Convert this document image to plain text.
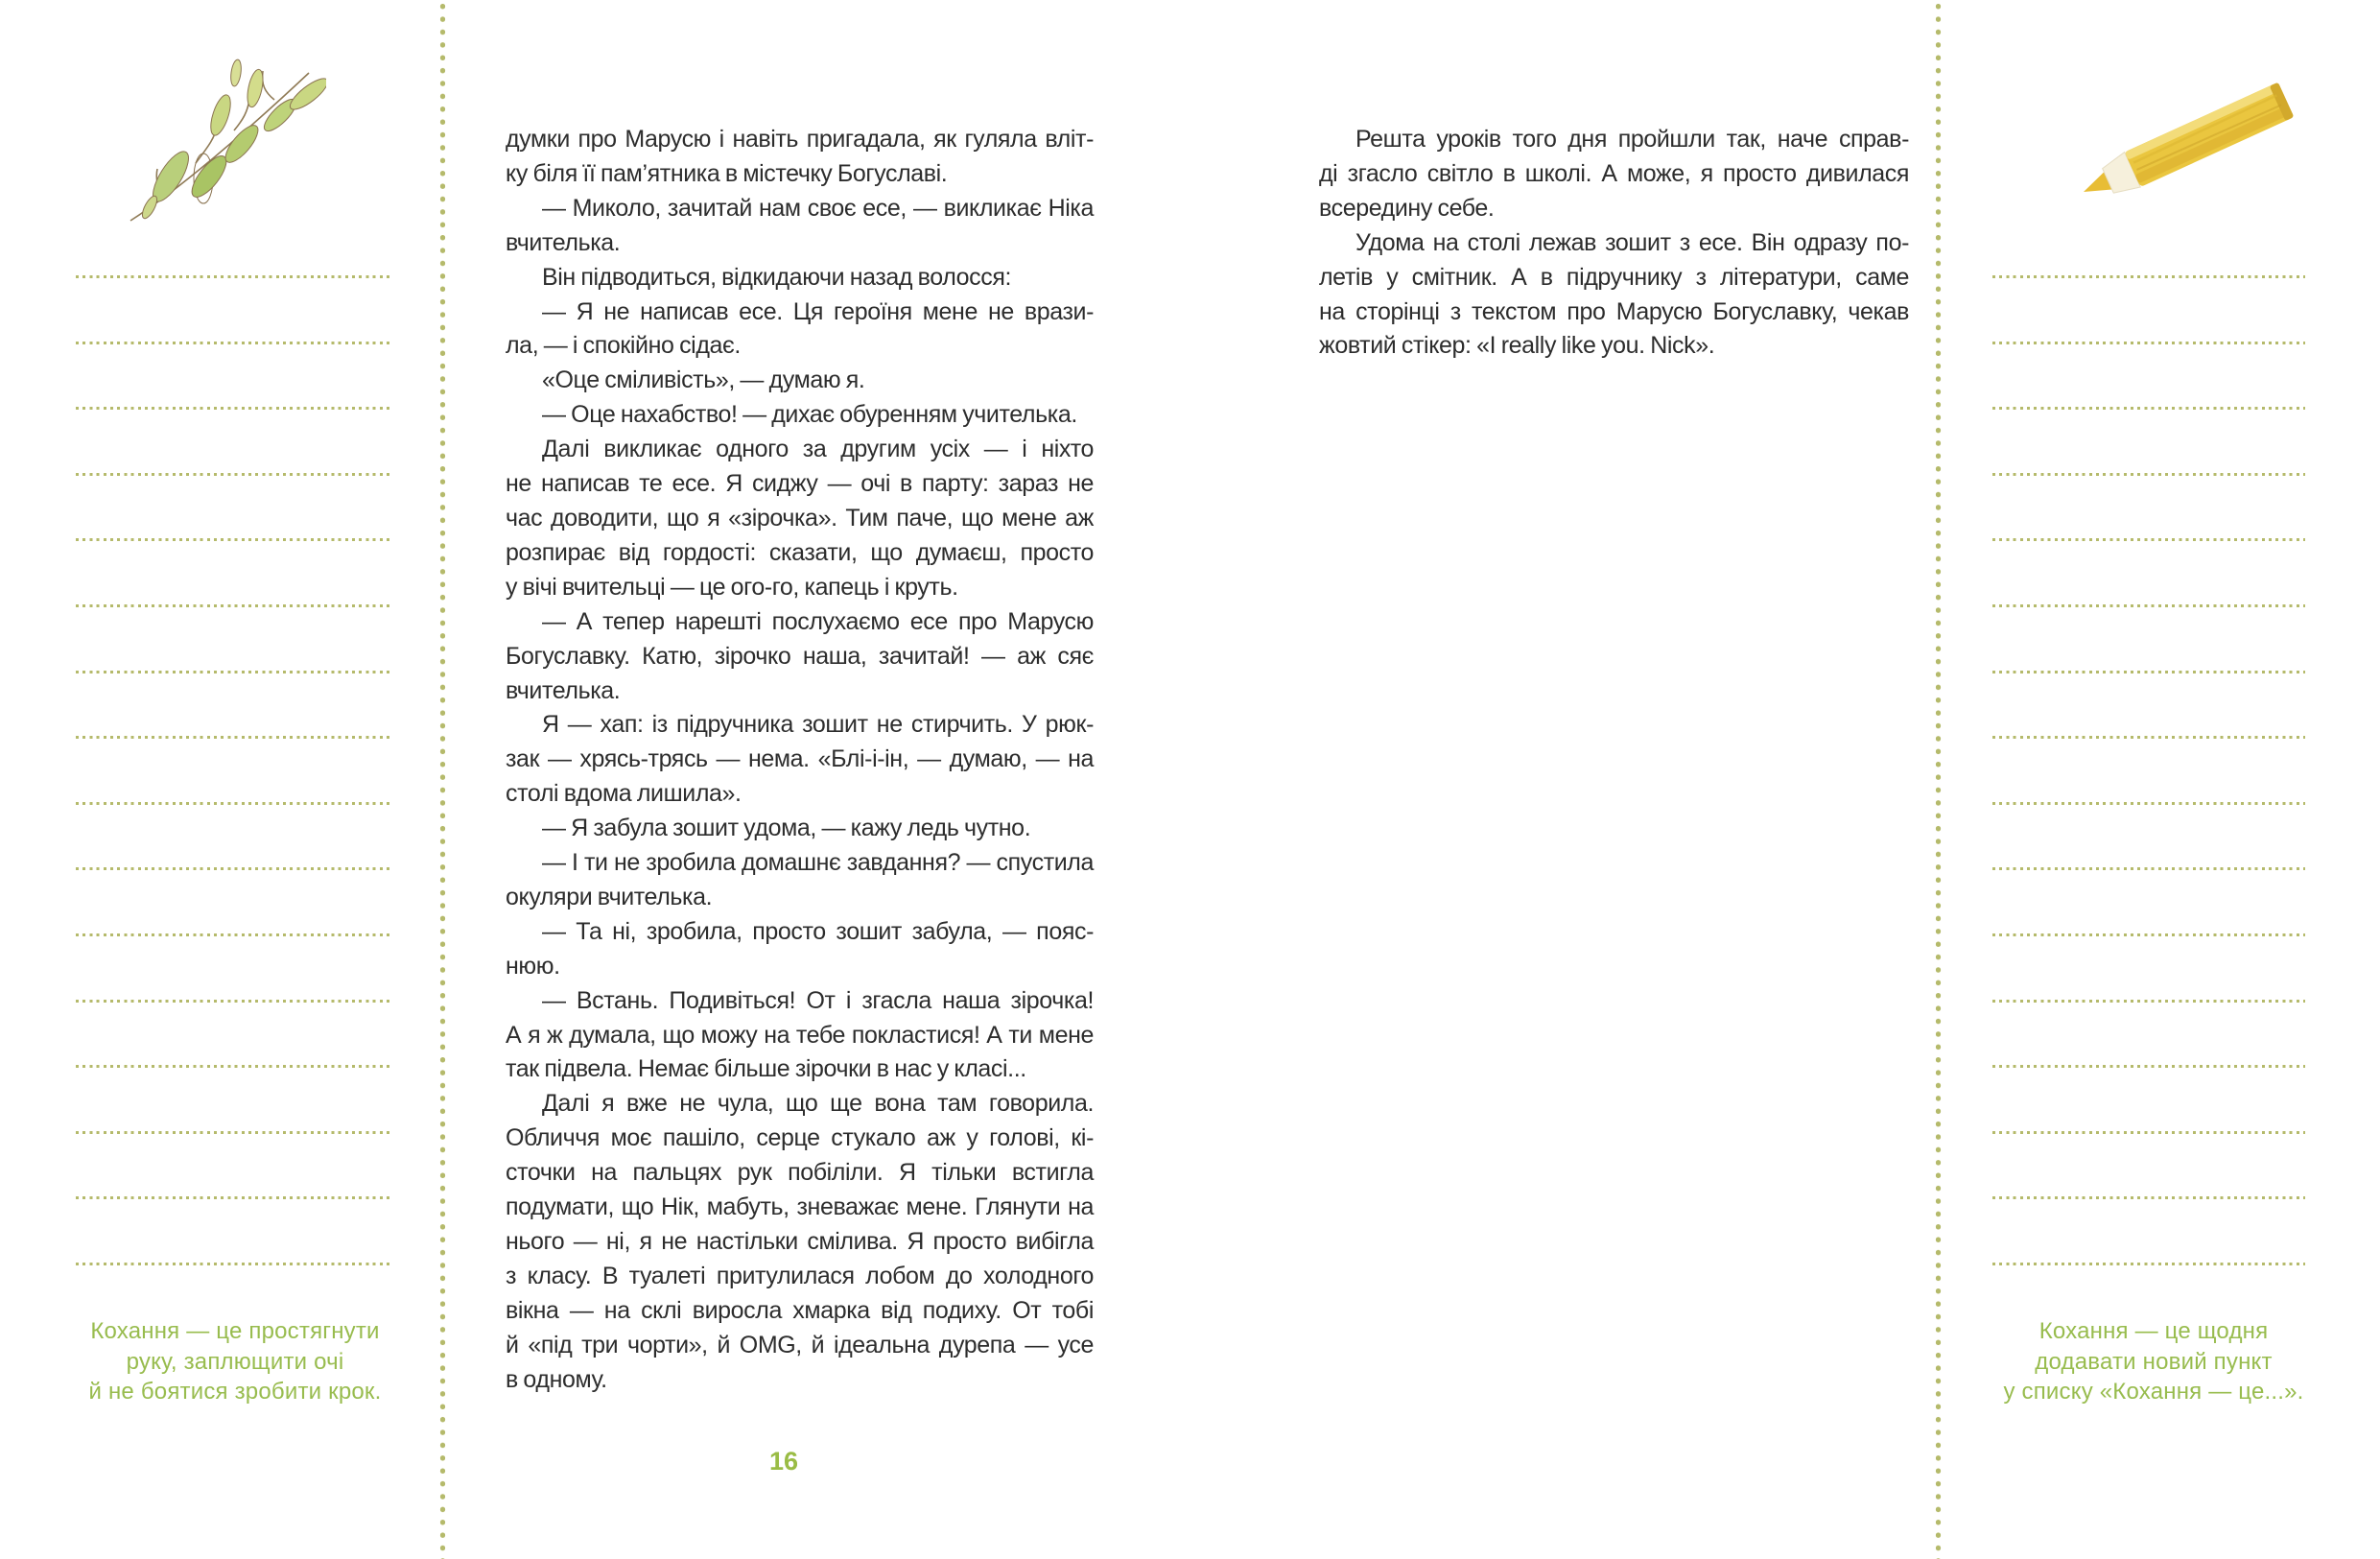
думки про Марусю і навіть пригадала, як гуляла вліт-
ку біля її пам’ятника в містечку Богуславі.
— Миколо, зачитай нам своє есе, — викликає Ніка
вчителька.
Він підводиться, відкидаючи назад волосся:
— Я не написав есе. Ця героїня мене не врази-
ла, — і спокійно сідає.
«Оце сміливість», — думаю я.
— Оце нахабство! — дихає обуренням учителька.
Далі викликає одного за другим усіх — і ніхто
не написав те есе. Я сиджу — очі в парту: зараз не
час доводити, що я «зірочка». Тим паче, що мене аж
розпирає від гордості: сказати, що думаєш, просто
у вічі вчительці — це ого-го, капець і круть.
— А тепер нарешті послухаємо есе про Марусю
Богуславку. Катю, зірочко наша, зачитай! — аж сяє
вчителька.
Я — хап: із підручника зошит не стирчить. У рюк-
зак — хрясь-трясь — нема. «Блі-і-ін, — думаю, — на
столі вдома лишила».
— Я забула зошит удома, — кажу ледь чутно.
— І ти не зробила домашнє завдання? — спустила
окуляри вчителька.
— Та ні, зробила, просто зошит забула, — пояс-
нюю.
— Встань. Подивіться! От і згасла наша зірочка!
А я ж думала, що можу на тебе покластися! А ти мене
так підвела. Немає більше зірочки в нас у класі...
Далі я вже не чула, що ще вона там говорила.
Обличчя моє пашіло, серце стукало аж у голові, кі-
сточки на пальцях рук побіліли. Я тільки встигла
подумати, що Нік, мабуть, зневажає мене. Глянути на
нього — ні, я не настільки смілива. Я просто вибігла
з класу. В туалеті притулилася лобом до холодного
вікна — на склі виросла хмарка від подиху. От тобі
й «під три чорти», й OMG, й ідеальна дурепа — усе
в одному.
Решта уроків того дня пройшли так, наче справ-
ді згасло світло в школі. А може, я просто дивилася
всередину себе.
Удома на столі лежав зошит з есе. Він одразу по-
летів у смітник. А в підручнику з літератури, саме
на сторінці з текстом про Марусю Богуславку, чекав
жовтий стікер: «I really like you. Nick».
Кохання — це простягнути
руку, заплющити очі
й не боятися зробити крок.
Кохання — це щодня
додавати новий пункт
у списку «Кохання — це...».
16
